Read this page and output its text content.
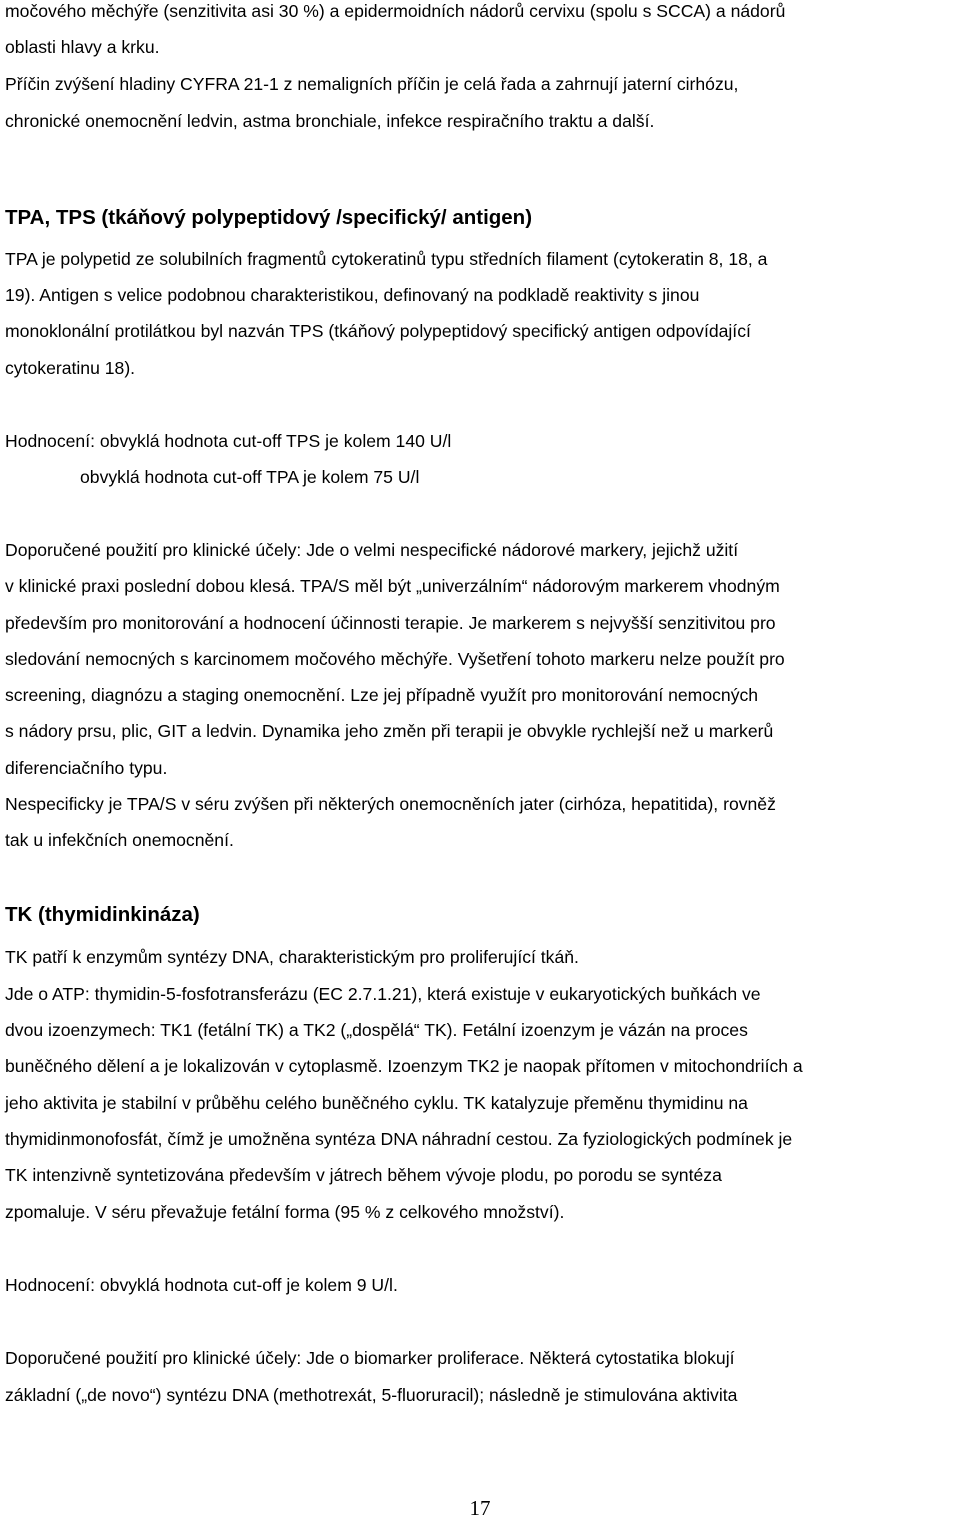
močového měchýře (senzitivita asi 30 %) a epidermoidních nádorů cervixu (spolu s SCCA) a nádorů
oblasti hlavy a krku.
Příčin zvýšení hladiny CYFRA 21-1 z nemaligních příčin je celá řada a zahrnují jaterní cirhózu,
chronické onemocnění ledvin, astma bronchiale, infekce respiračního traktu a další.
TPA, TPS (tkáňový polypeptidový /specifický/ antigen)
TPA je polypetid ze solubilních fragmentů cytokeratinů typu středních filament (cytokeratin 8, 18, a
19). Antigen s velice podobnou charakteristikou, definovaný na podkladě reaktivity s jinou
monoklonální protilátkou byl nazván TPS (tkáňový polypeptidový specifický antigen odpovídající
cytokeratinu 18).
Hodnocení: obvyklá hodnota cut-off TPS je kolem 140 U/l
obvyklá hodnota cut-off TPA je kolem 75 U/l
Doporučené použití pro klinické účely: Jde o velmi nespecifické nádorové markery, jejichž užití
v klinické praxi poslední dobou klesá. TPA/S měl být „univerzálním“ nádorovým markerem vhodným
především pro monitorování a hodnocení účinnosti terapie. Je markerem s nejvyšší senzitivitou pro
sledování nemocných s karcinomem močového měchýře. Vyšetření tohoto markeru nelze použít pro
screening, diagnózu a staging onemocnění. Lze jej případně využít pro monitorování nemocných
s nádory prsu, plic, GIT a ledvin. Dynamika jeho změn při terapii je obvykle rychlejší než u markerů
diferenciačního typu.
Nespecificky je TPA/S v séru zvýšen při některých onemocněních jater (cirhóza, hepatitida), rovněž
tak u infekčních onemocnění.
TK (thymidinkináza)
TK patří k enzymům syntézy DNA, charakteristickým pro proliferující tkáň.
Jde o ATP: thymidin-5-fosfotransferázu (EC 2.7.1.21), která existuje v eukaryotických buňkách ve
dvou izoenzymech: TK1 (fetální TK) a TK2 („dospělá“ TK). Fetální izoenzym je vázán na proces
buněčného dělení a je lokalizován v cytoplasmě. Izoenzym TK2 je naopak přítomen v mitochondriích a
jeho aktivita je stabilní v průběhu celého buněčného cyklu. TK katalyzuje přeměnu thymidinu na
thymidinmonofosfát, čímž je umožněna syntéza DNA náhradní cestou. Za fyziologických podmínek je
TK intenzivně syntetizována především v játrech během vývoje plodu, po porodu se syntéza
zpomaluje. V séru převažuje fetální forma (95 % z celkového množství).
Hodnocení: obvyklá hodnota cut-off je kolem 9 U/l.
Doporučené použití pro klinické účely: Jde o biomarker proliferace. Některá cytostatika blokují
základní („de novo“) syntézu DNA (methotrexát, 5-fluoruracil); následně je stimulována aktivita
17
